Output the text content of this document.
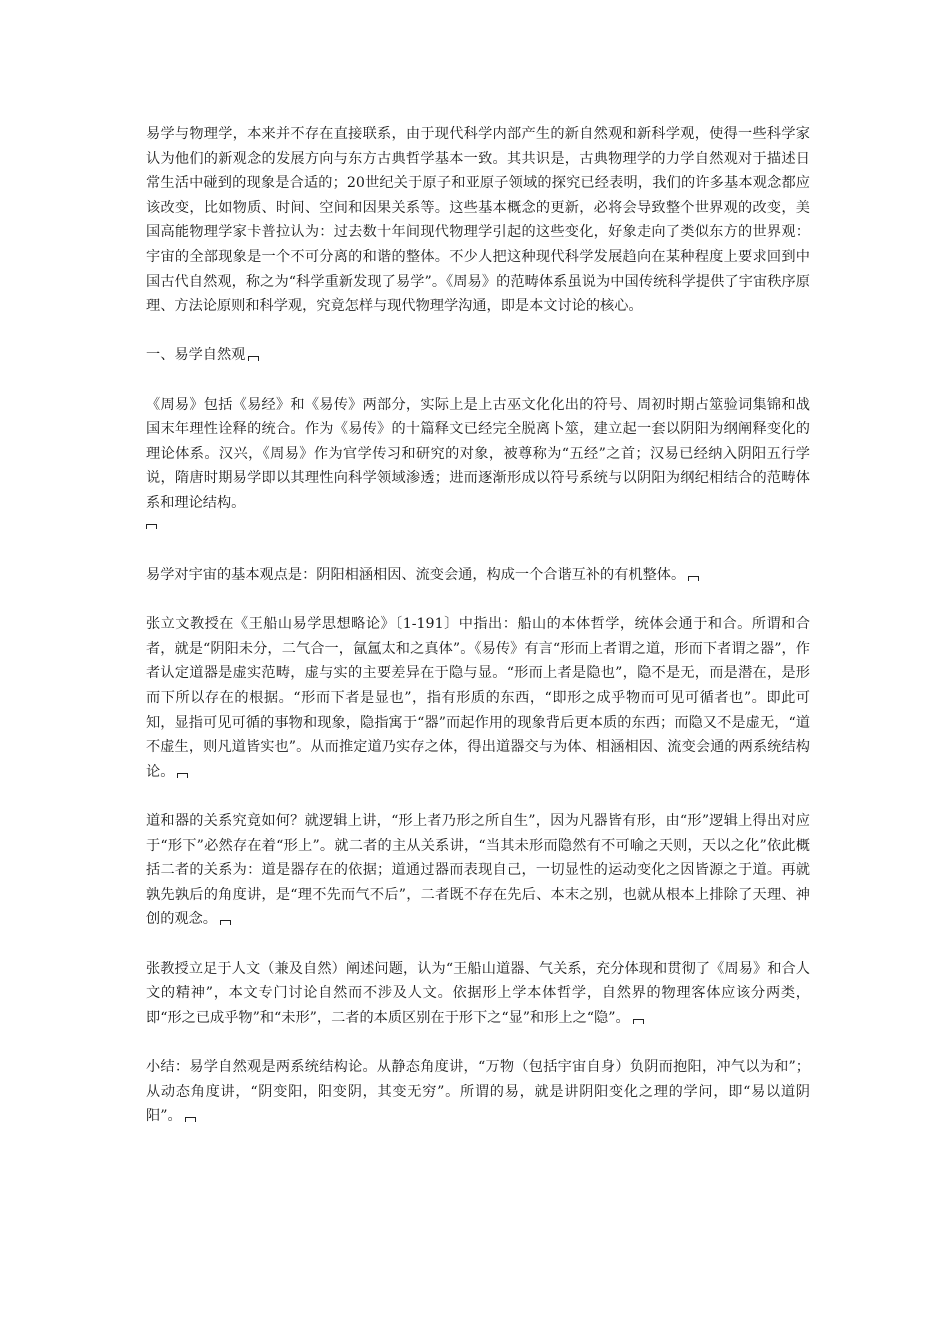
易学与物理学，本来并不存在直接联系，由于现代科学内部产生的新自然观和新科学观，使得一些科学家认为他们的新观念的发展方向与东方古典哲学基本一致。其共识是，古典物理学的力学自然观对于描述日常生活中碰到的现象是合适的；20世纪关于原子和亚原子领域的探究已经表明，我们的许多基本观念都应该改变，比如物质、时间、空间和因果关系等。这些基本概念的更新，必将会导致整个世界观的改变，美国高能物理学家卡普拉认为：过去数十年间现代物理学引起的这些变化，好象走向了类似东方的世界观：宇宙的全部现象是一个不可分离的和谐的整体。不少人把这种现代科学发展趋向在某种程度上要求回到中国古代自然观，称之为“科学重新发现了易学”。《周易》的范畴体系虽说为中国传统科学提供了宇宙秩序原理、方法论原则和科学观，究竟怎样与现代物理学沟通，即是本文讨论的核心。

一、易学自然观

《周易》包括《易经》和《易传》两部分，实际上是上古巫文化化出的符号、周初时期占筮验词集锦和战国末年理性诠释的统合。作为《易传》的十篇释文已经完全脱离卜筮，建立起一套以阴阳为纲阐释变化的理论体系。汉兴，《周易》作为官学传习和研究的对象，被尊称为“五经”之首；汉易已经纳入阴阳五行学说，隋唐时期易学即以其理性向科学领域渗透；进而逐渐形成以符号系统与以阴阳为纲纪相结合的范畴体系和理论结构。

易学对宇宙的基本观点是：阴阳相涵相因、流变会通，构成一个合谐互补的有机整体。

张立文教授在《王船山易学思想略论》〔1-191〕中指出：船山的本体哲学，统体会通于和合。所谓和合者，就是“阴阳未分，二气合一，氤氲太和之真体”。《易传》有言“形而上者谓之道，形而下者谓之器”，作者认定道器是虚实范畴，虚与实的主要差异在于隐与显。“形而上者是隐也”，隐不是无，而是潜在，是形而下所以存在的根据。“形而下者是显也”，指有形质的东西，“即形之成乎物而可见可循者也”。即此可知，显指可见可循的事物和现象，隐指寓于“器”而起作用的现象背后更本质的东西；而隐又不是虚无，“道不虚生，则凡道皆实也”。从而推定道乃实存之体，得出道器交与为体、相涵相因、流变会通的两系统结构论。

道和器的关系究竟如何？就逻辑上讲，“形上者乃形之所自生”，因为凡器皆有形，由“形”逻辑上得出对应于“形下”必然存在着“形上”。就二者的主从关系讲，“当其未形而隐然有不可喻之天则，天以之化”依此概括二者的关系为：道是器存在的依据；道通过器而表现自己，一切显性的运动变化之因皆源之于道。再就孰先孰后的角度讲，是“理不先而气不后”，二者既不存在先后、本末之别，也就从根本上排除了天理、神创的观念。

张教授立足于人文（兼及自然）阐述问题，认为“王船山道器、气关系，充分体现和贯彻了《周易》和合人文的精神”，本文专门讨论自然而不涉及人文。依据形上学本体哲学，自然界的物理客体应该分两类，即“形之已成乎物”和“未形”，二者的本质区别在于形下之“显”和形上之“隐”。

小结：易学自然观是两系统结构论。从静态角度讲，“万物（包括宇宙自身）负阴而抱阳，冲气以为和”；从动态角度讲，“阴变阳，阳变阴，其变无穷”。所谓的易，就是讲阴阳变化之理的学问，即“易以道阴阳”。
